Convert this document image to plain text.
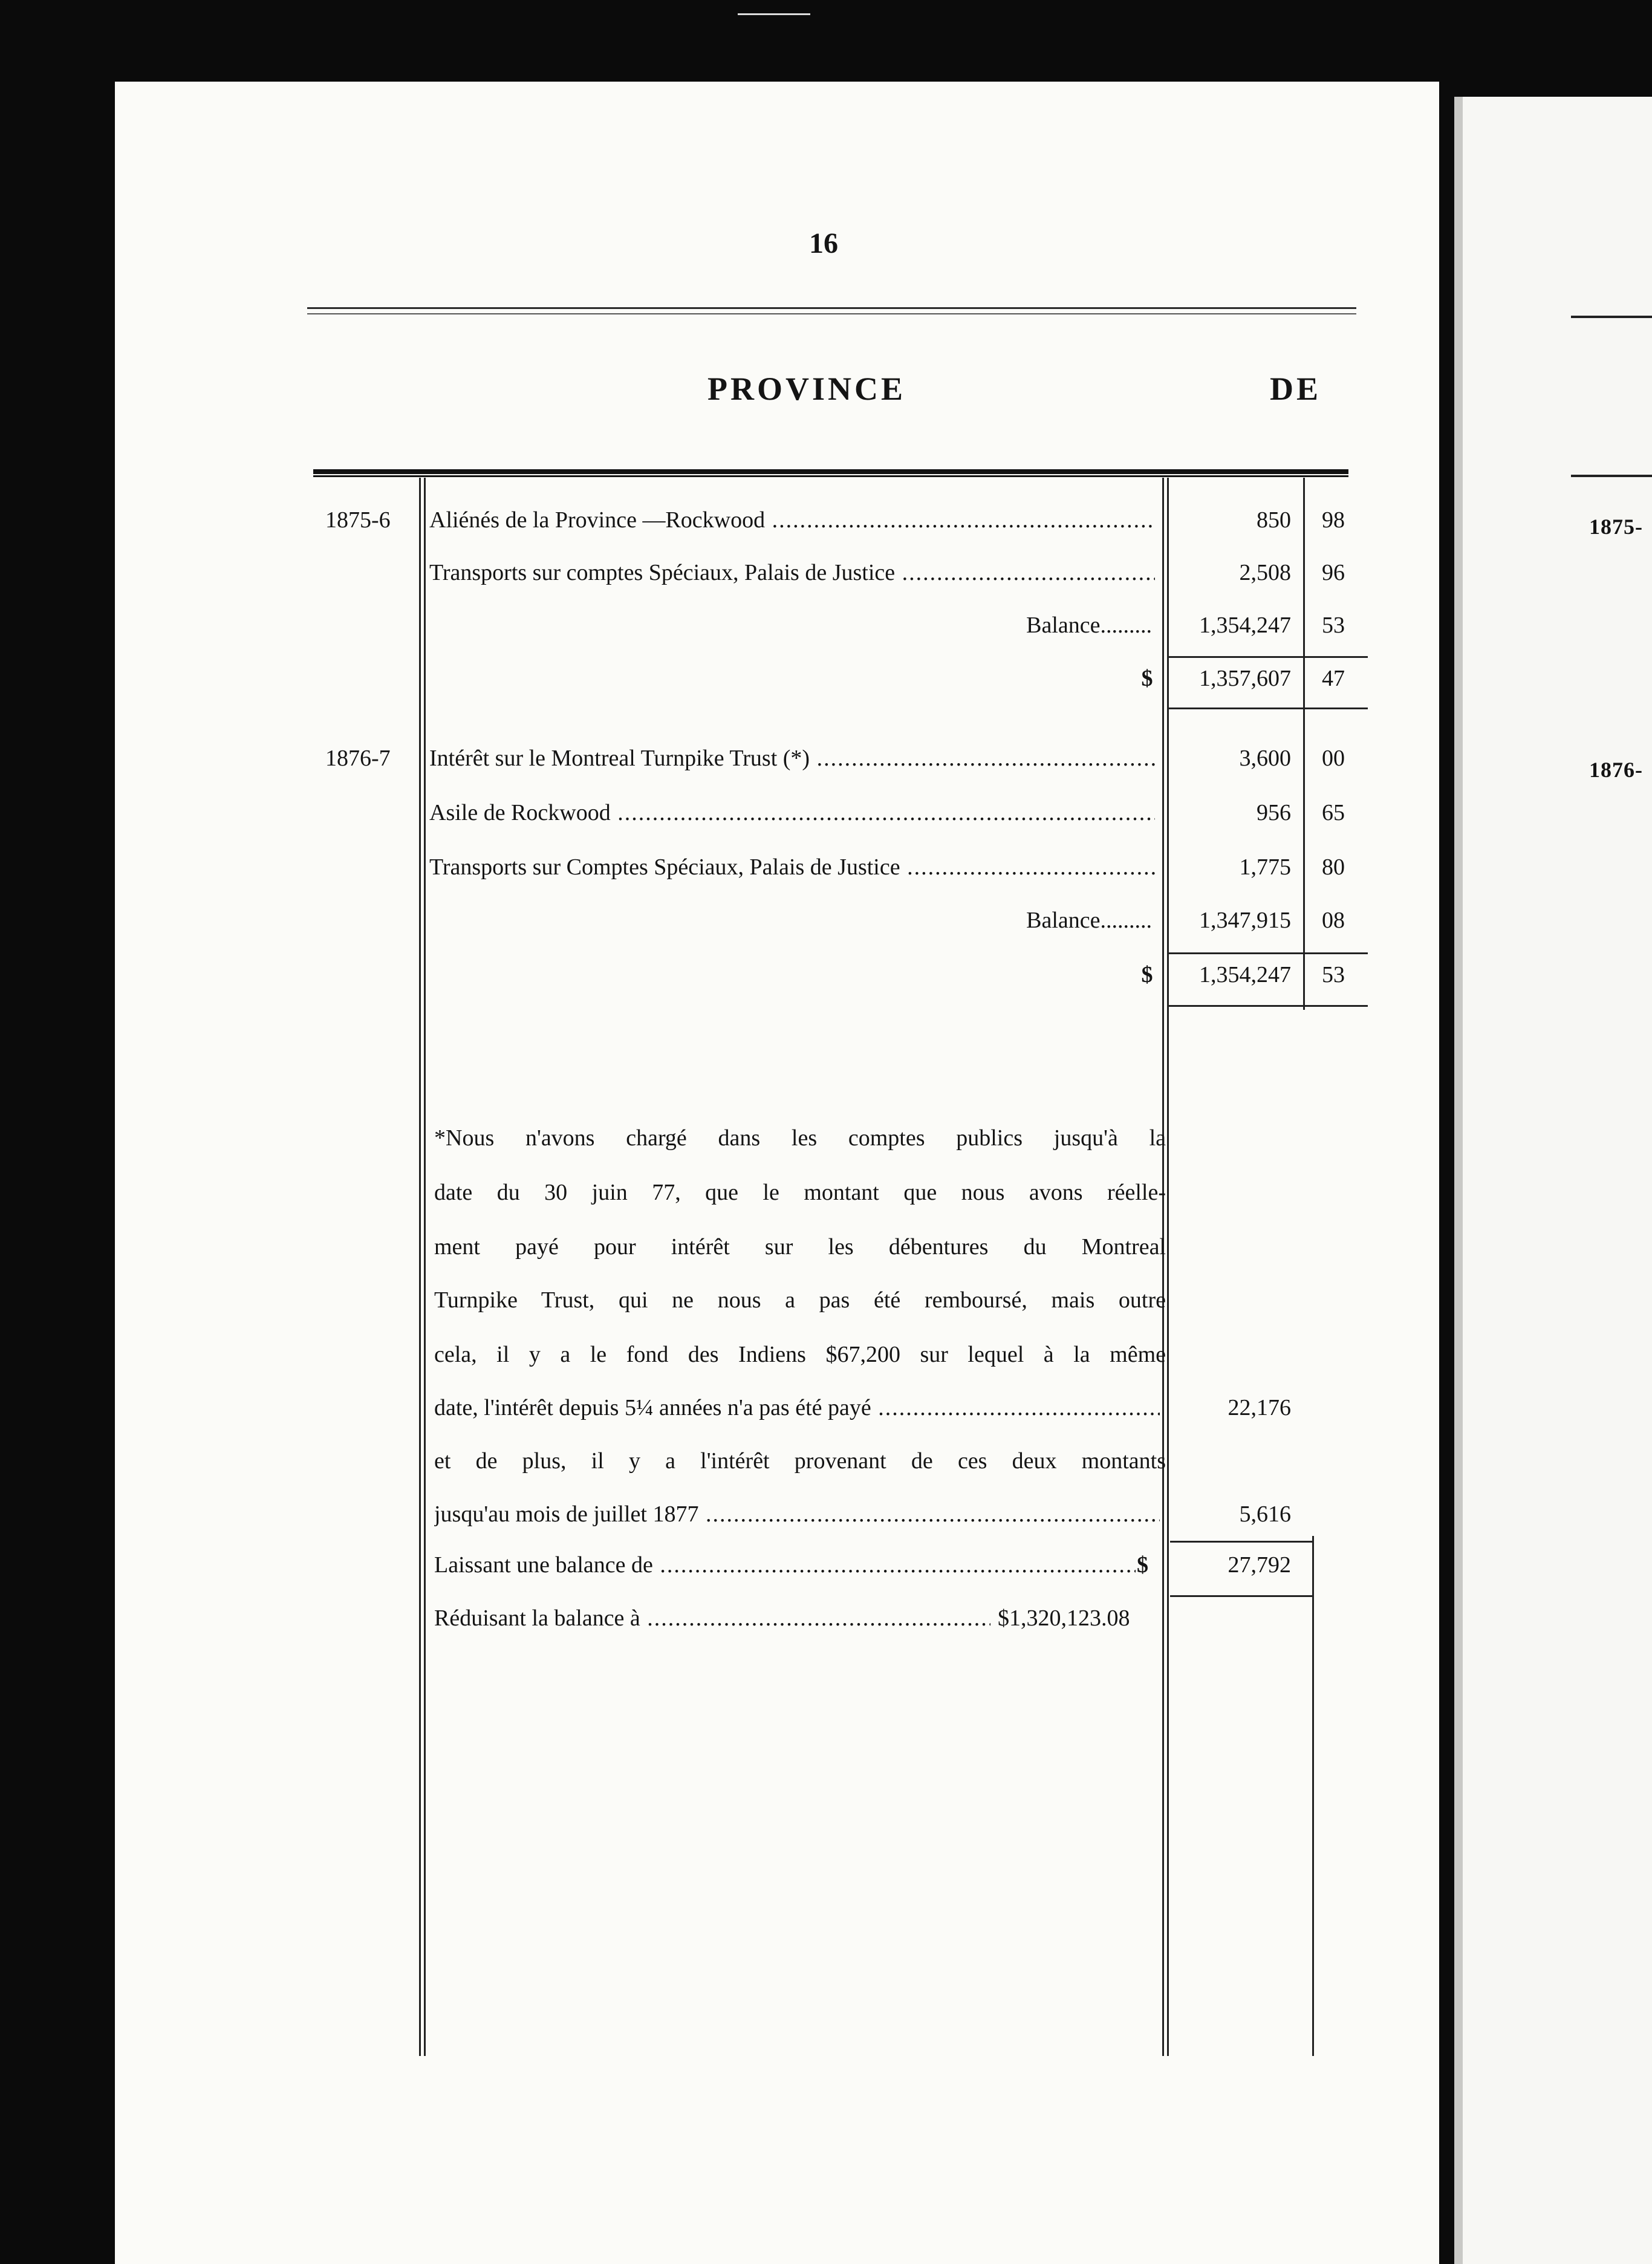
1875-
1876-
16
PROVINCE	DE
1875-6	Aliénés de la Province —Rockwood .....	850	98
Transports sur comptes Spéciaux, Palais de Justice .....	2,508	96
Balance.........	1,354,247	53
$	1,357,607	47
1876-7	Intérêt sur le Montreal Turnpike Trust (*) .....	3,600	00
Asile de Rockwood .....	956	65
Transports sur Comptes Spéciaux, Palais de Justice .....	1,775	80
Balance.........	1,347,915	08
$	1,354,247	53
*Nous n'avons chargé dans les comptes publics jusqu'à la
date du 30 juin 77, que le montant que nous avons réelle-
ment payé pour intérêt sur les débentures du Montreal
Turnpike Trust, qui ne nous a pas été remboursé, mais outre
cela, il y a le fond des Indiens $67,200 sur lequel à la même
date, l'intérêt depuis 5¼ années n'a pas été payé .....	22,176
et de plus, il y a l'intérêt provenant de ces deux montants
jusqu'au mois de juillet 1877 .....	5,616
Laissant une balance de .....	$	27,792
Réduisant la balance à .....	$1,320,123.08
